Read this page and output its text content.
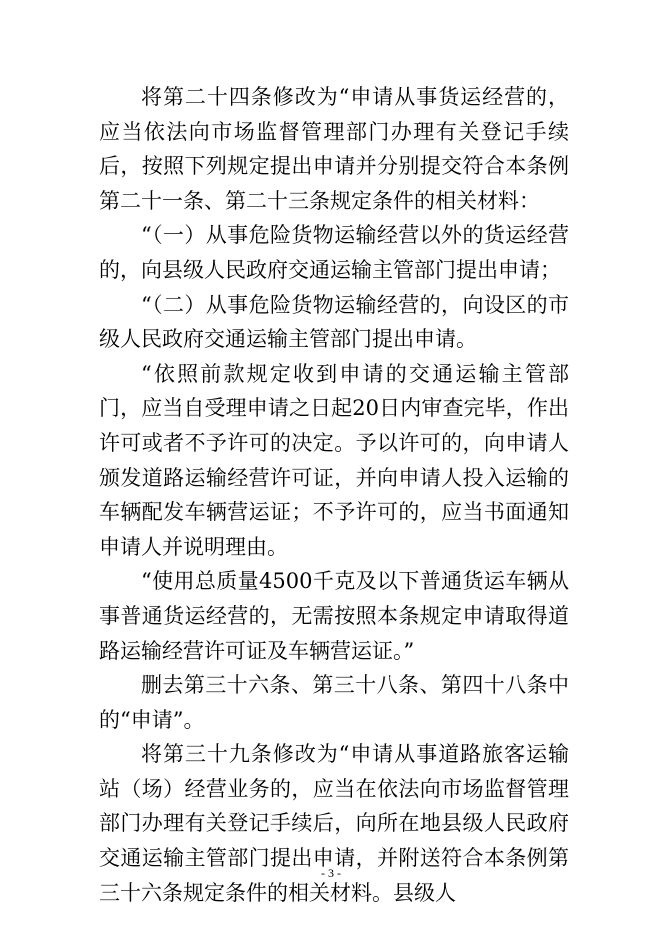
将第二十四条修改为“申请从事货运经营的，应当依法向市场监督管理部门办理有关登记手续后，按照下列规定提出申请并分别提交符合本条例第二十一条、第二十三条规定条件的相关材料：

“（一）从事危险货物运输经营以外的货运经营的，向县级人民政府交通运输主管部门提出申请；

“（二）从事危险货物运输经营的，向设区的市级人民政府交通运输主管部门提出申请。

“依照前款规定收到申请的交通运输主管部门，应当自受理申请之日起20日内审查完毕，作出许可或者不予许可的决定。予以许可的，向申请人颁发道路运输经营许可证，并向申请人投入运输的车辆配发车辆营运证；不予许可的，应当书面通知申请人并说明理由。

“使用总质量4500千克及以下普通货运车辆从事普通货运经营的，无需按照本条规定申请取得道路运输经营许可证及车辆营运证。”

删去第三十六条、第三十八条、第四十八条中的“申请”。

将第三十九条修改为“申请从事道路旅客运输站（场）经营业务的，应当在依法向市场监督管理部门办理有关登记手续后，向所在地县级人民政府交通运输主管部门提出申请，并附送符合本条例第三十六条规定条件的相关材料。县级人

- 3 -
